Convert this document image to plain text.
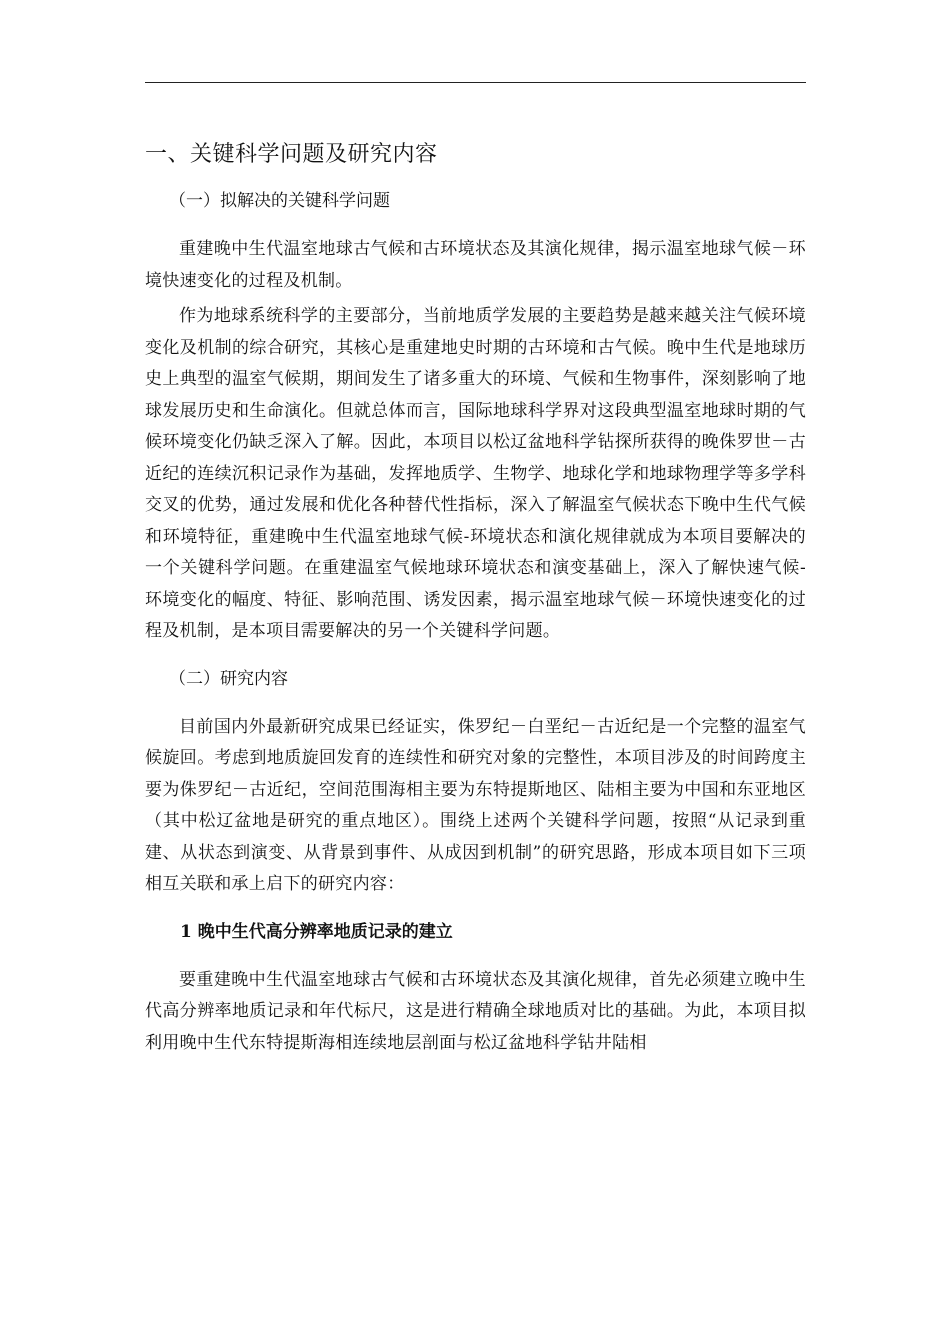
一、关键科学问题及研究内容
（一）拟解决的关键科学问题

重建晚中生代温室地球古气候和古环境状态及其演化规律，揭示温室地球气候－环境快速变化的过程及机制。

作为地球系统科学的主要部分，当前地质学发展的主要趋势是越来越关注气候环境变化及机制的综合研究，其核心是重建地史时期的古环境和古气候。晚中生代是地球历史上典型的温室气候期，期间发生了诸多重大的环境、气候和生物事件，深刻影响了地球发展历史和生命演化。但就总体而言，国际地球科学界对这段典型温室地球时期的气候环境变化仍缺乏深入了解。因此，本项目以松辽盆地科学钻探所获得的晚侏罗世－古近纪的连续沉积记录作为基础，发挥地质学、生物学、地球化学和地球物理学等多学科交叉的优势，通过发展和优化各种替代性指标，深入了解温室气候状态下晚中生代气候和环境特征，重建晚中生代温室地球气候-环境状态和演化规律就成为本项目要解决的一个关键科学问题。在重建温室气候地球环境状态和演变基础上，深入了解快速气候-环境变化的幅度、特征、影响范围、诱发因素，揭示温室地球气候－环境快速变化的过程及机制，是本项目需要解决的另一个关键科学问题。

（二）研究内容

目前国内外最新研究成果已经证实，侏罗纪－白垩纪－古近纪是一个完整的温室气候旋回。考虑到地质旋回发育的连续性和研究对象的完整性，本项目涉及的时间跨度主要为侏罗纪－古近纪，空间范围海相主要为东特提斯地区、陆相主要为中国和东亚地区（其中松辽盆地是研究的重点地区）。围绕上述两个关键科学问题，按照“从记录到重建、从状态到演变、从背景到事件、从成因到机制”的研究思路，形成本项目如下三项相互关联和承上启下的研究内容：

1 晚中生代高分辨率地质记录的建立

要重建晚中生代温室地球古气候和古环境状态及其演化规律，首先必须建立晚中生代高分辨率地质记录和年代标尺，这是进行精确全球地质对比的基础。为此，本项目拟利用晚中生代东特提斯海相连续地层剖面与松辽盆地科学钻井陆相
